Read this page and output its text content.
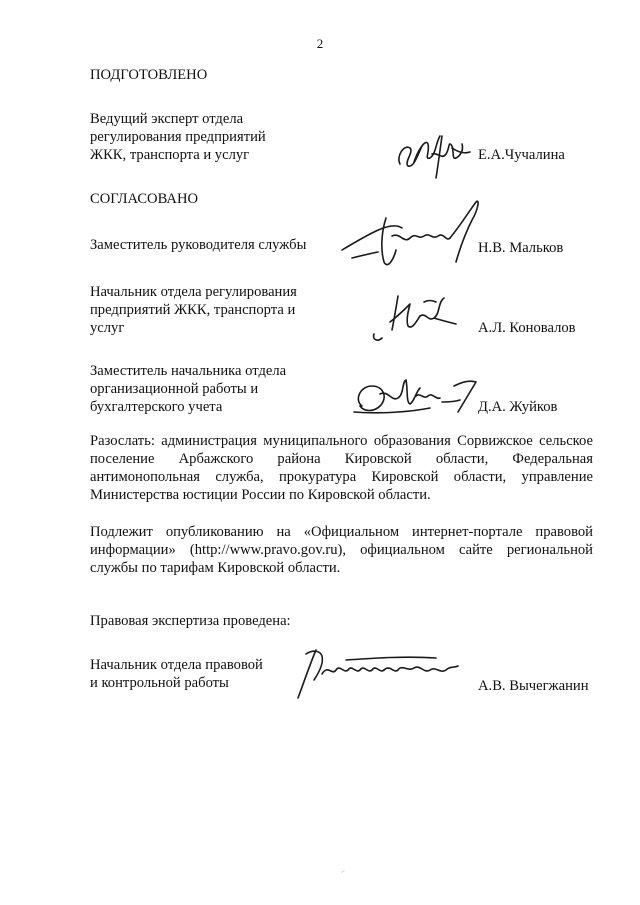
2
ПОДГОТОВЛЕНО
Ведущий эксперт отдела
регулирования предприятий
ЖКК, транспорта и услуг	Е.А.Чучалина
СОГЛАСОВАНО
Заместитель руководителя службы	Н.В. Мальков
Начальник отдела регулирования
предприятий ЖКК, транспорта и
услуг	А.Л. Коновалов
Заместитель начальника отдела
организационной работы и
бухгалтерского учета	Д.А. Жуйков
Разослать: администрация муниципального образования Сорвижское сельское поселение Арбажского района Кировской области, Федеральная антимонопольная служба, прокуратура Кировской области, управление Министерства юстиции России по Кировской области.
Подлежит опубликованию на «Официальном интернет-портале правовой информации» (http://www.pravo.gov.ru), официальном сайте региональной службы по тарифам Кировской области.
Правовая экспертиза проведена:
Начальник отдела правовой
и контрольной работы	А.В. Вычегжанин
